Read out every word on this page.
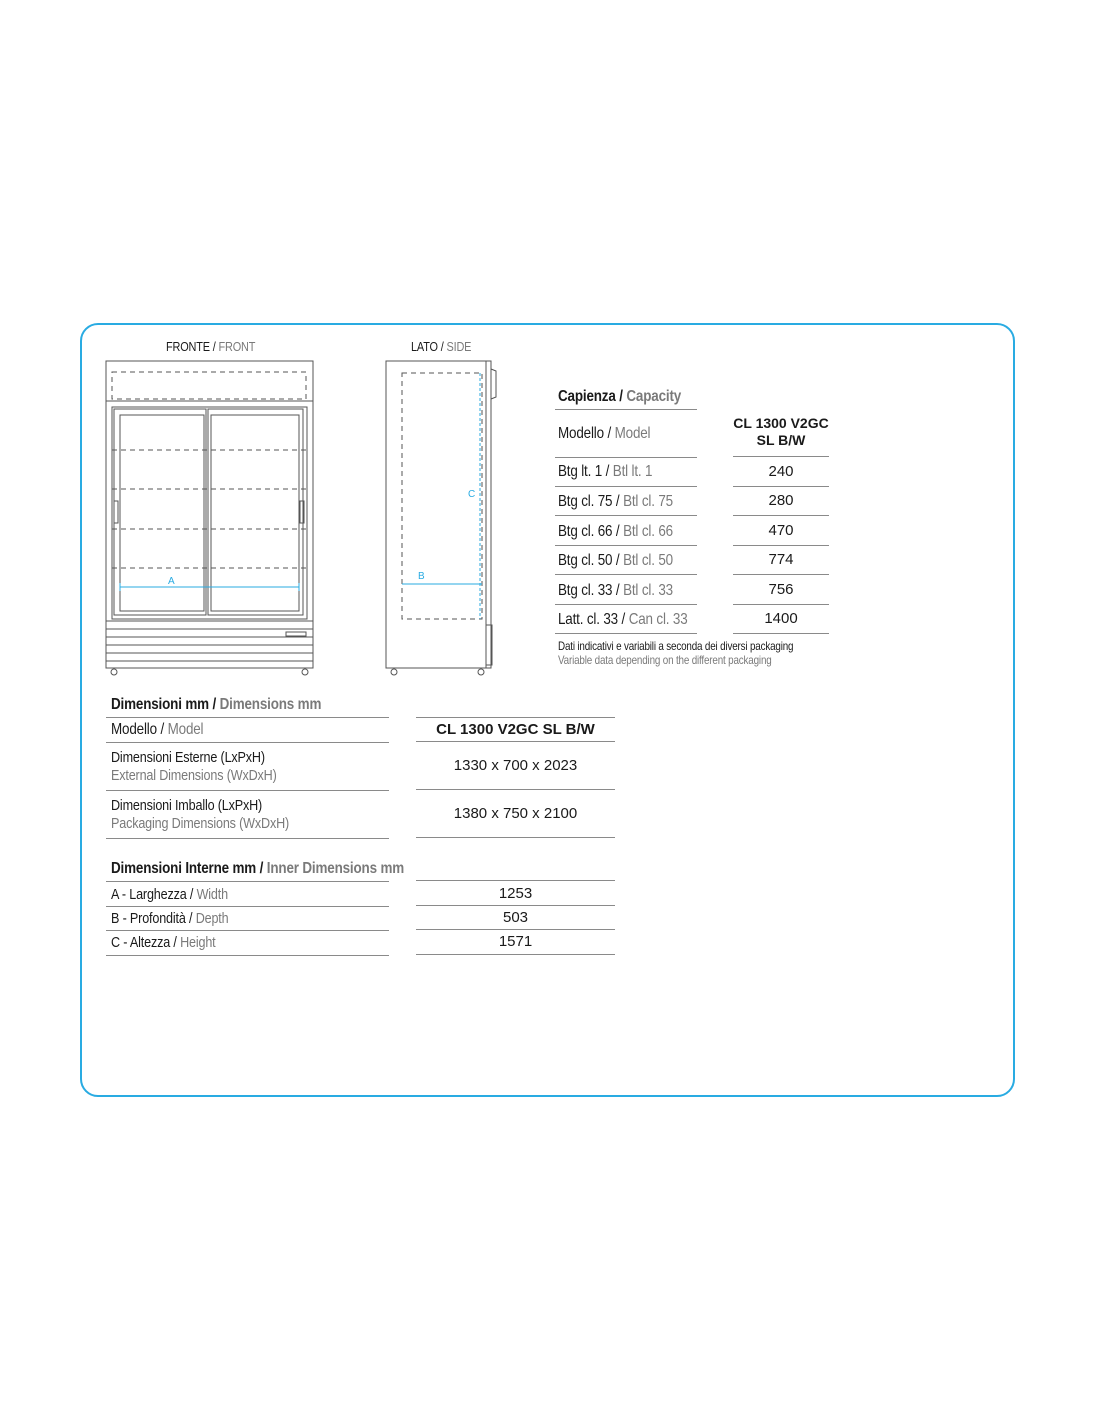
FRONTE / FRONT	LATO / SIDE
A
C
B
Capienza / Capacity
Modello / Model
CL 1300 V2GC
SL B/W
Btg lt. 1 / Btl lt. 1	240
Btg cl. 75 / Btl cl. 75	280
Btg cl. 66 / Btl cl. 66	470
Btg cl. 50 / Btl cl. 50	774
Btg cl. 33 / Btl cl. 33	756
Latt. cl. 33 / Can cl. 33	1400
Dati indicativi e variabili a seconda dei diversi packaging
Variable data depending on the different packaging
Dimensioni mm / Dimensions mm
Modello / Model	CL 1300 V2GC SL B/W
Dimensioni Esterne (LxPxH)
External Dimensions (WxDxH)
1330 x 700 x 2023
Dimensioni Imballo (LxPxH)
Packaging Dimensions (WxDxH)
1380 x 750 x 2100
Dimensioni Interne mm / Inner Dimensions mm
A - Larghezza / Width	1253
B - Profondità / Depth	503
C - Altezza / Height	1571
